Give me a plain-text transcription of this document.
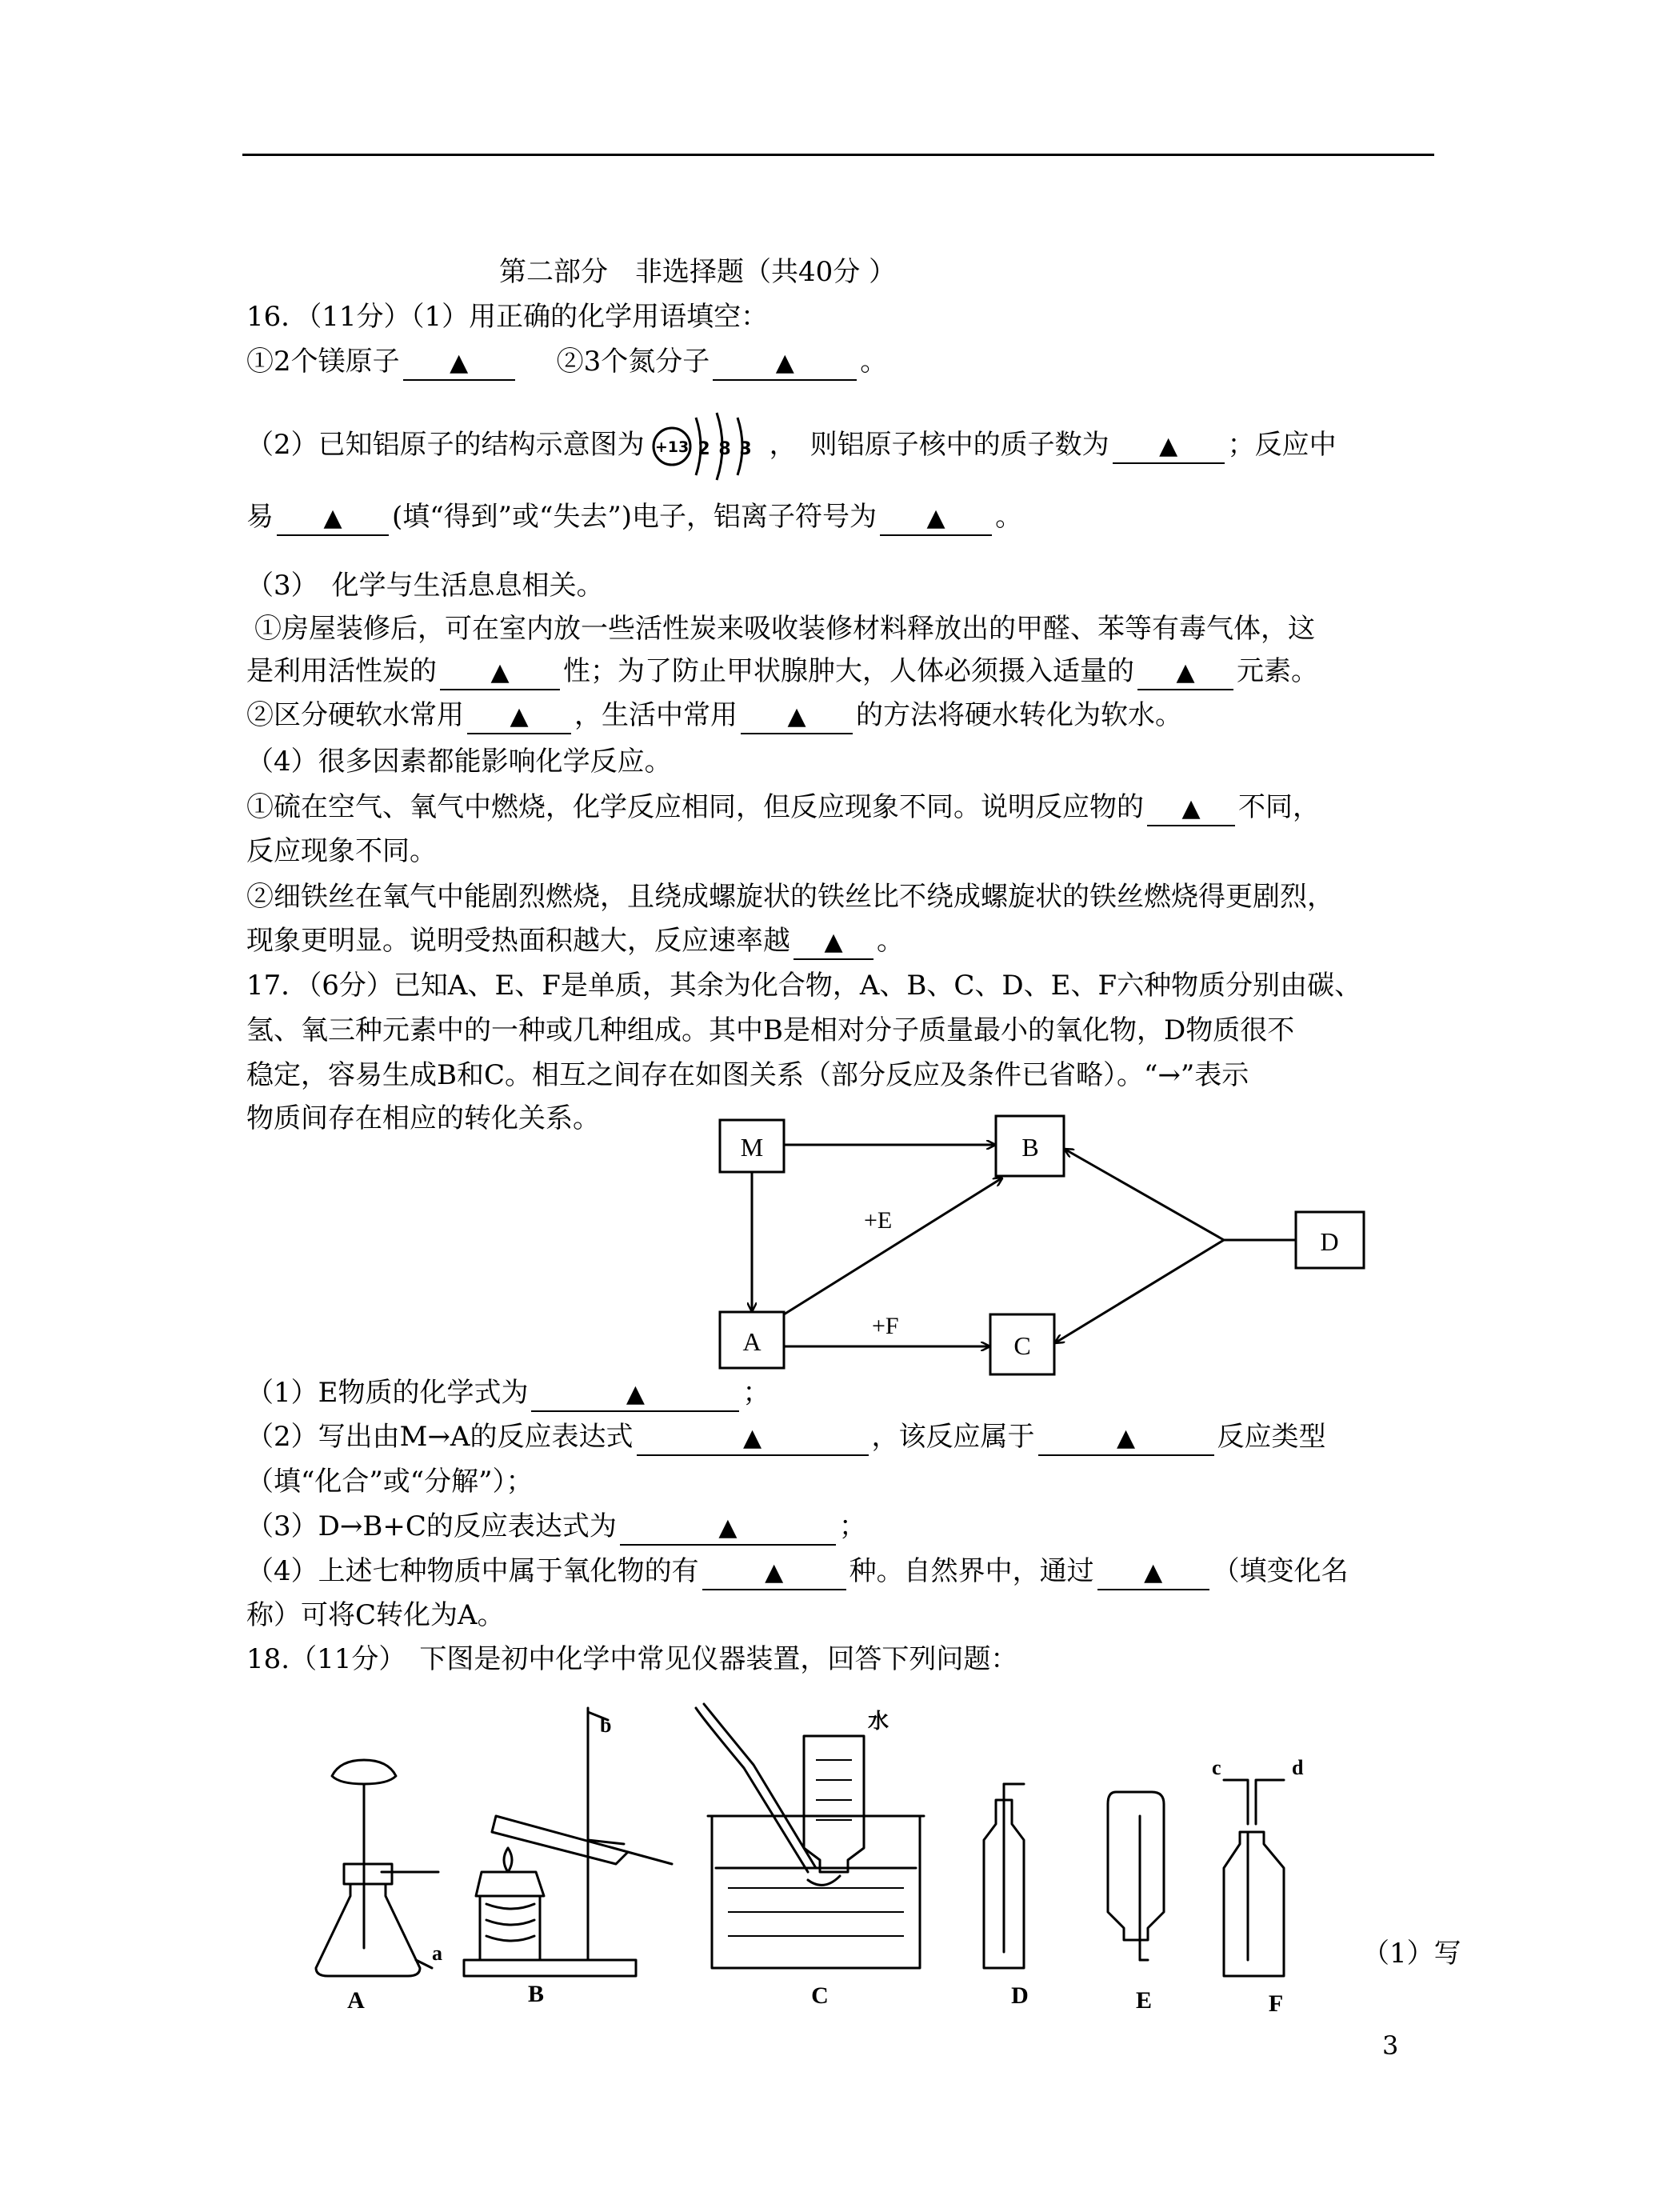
第二部分　非选择题（共40分 ）
16．（11分）（1）用正确的化学用语填空：
①2个镁原子 ▲	②3个氮分子	▲ 。
（2）已知铝原子的结构示意图为 +13 2 8 3 ，　则铝原子核中的质子数为 ▲ ；反应中
易 ▲ (填“得到”或“失去”)电子，铝离子符号为 ▲ 。
（3）　化学与生活息息相关。
①房屋装修后，可在室内放一些活性炭来吸收装修材料释放出的甲醛、苯等有毒气体，这
是利用活性炭的 ▲ 性；为了防止甲状腺肿大，人体必须摄入适量的 ▲ 元素。
②区分硬软水常用 ▲ ，生活中常用 ▲ 的方法将硬水转化为软水。
（4）很多因素都能影响化学反应。
①硫在空气、氧气中燃烧，化学反应相同，但反应现象不同。说明反应物的 ▲ 不同，
反应现象不同。
②细铁丝在氧气中能剧烈燃烧，且绕成螺旋状的铁丝比不绕成螺旋状的铁丝燃烧得更剧烈，
现象更明显。说明受热面积越大，反应速率越 ▲ 。
17．（6分）已知A、E、F是单质，其余为化合物，A、B、C、D、E、F六种物质分别由碳、
氢、氧三种元素中的一种或几种组成。其中B是相对分子质量最小的氧化物，D物质很不
稳定，容易生成B和C。相互之间存在如图关系（部分反应及条件已省略）。“→”表示
物质间存在相应的转化关系。
M	B
D
A	C
+E
+F
（1）E物质的化学式为	▲	；
（2）写出由M→A的反应表达式	▲	，该反应属于	▲	反应类型
（填“化合”或“分解”）；
（3）D→B+C的反应表达式为	▲	；
（4）上述七种物质中属于氧化物的有	▲ 种。自然界中，通过 ▲ （填变化名
称）可将C转化为A。
18.（11分）　下图是初中化学中常见仪器装置，回答下列问题：
A	B	C	D	E	F
a
b
c	d
水
（1）写
3
